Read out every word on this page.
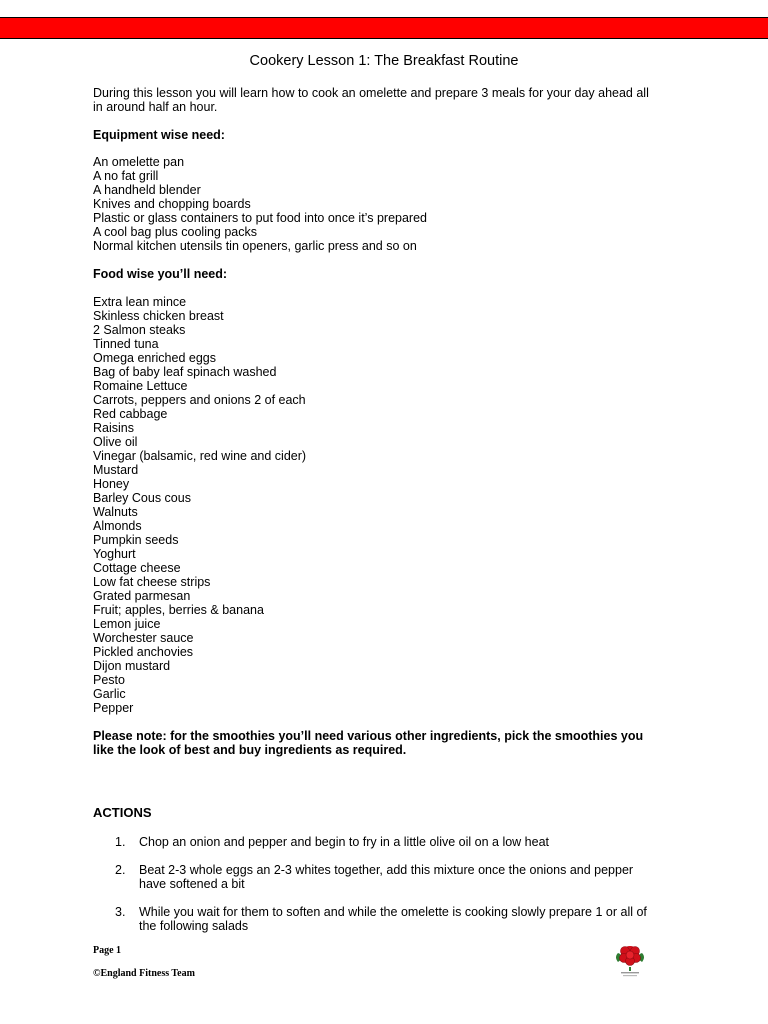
Cookery Lesson 1: The Breakfast Routine
During this lesson you will learn how to cook an omelette and prepare 3 meals for your day ahead all
in around half an hour.
Equipment wise need:
An omelette pan
A no fat grill
A handheld blender
Knives and chopping boards
Plastic or glass containers to put food into once it’s prepared
A cool bag plus cooling packs
Normal kitchen utensils tin openers, garlic press and so on
Food wise you’ll need:
Extra lean mince
Skinless chicken breast
2 Salmon steaks
Tinned tuna
Omega enriched eggs
Bag of baby leaf spinach washed
Romaine Lettuce
Carrots, peppers and onions 2 of each
Red cabbage
Raisins
Olive oil
Vinegar (balsamic, red wine and cider)
Mustard
Honey
Barley Cous cous
Walnuts
Almonds
Pumpkin seeds
Yoghurt
Cottage cheese
Low fat cheese strips
Grated parmesan
Fruit; apples, berries & banana
Lemon juice
Worchester sauce
Pickled anchovies
Dijon mustard
Pesto
Garlic
Pepper
Please note: for the smoothies you’ll need various other ingredients, pick the smoothies you
like the look of best and buy ingredients as required.
ACTIONS
1. Chop an onion and pepper and begin to fry in a little olive oil on a low heat
2. Beat 2-3 whole eggs an 2-3 whites together, add this mixture once the onions and pepper
have softened a bit
3. While you wait for them to soften and while the omelette is cooking slowly prepare 1 or all of
the following salads
Page 1
©England Fitness Team
